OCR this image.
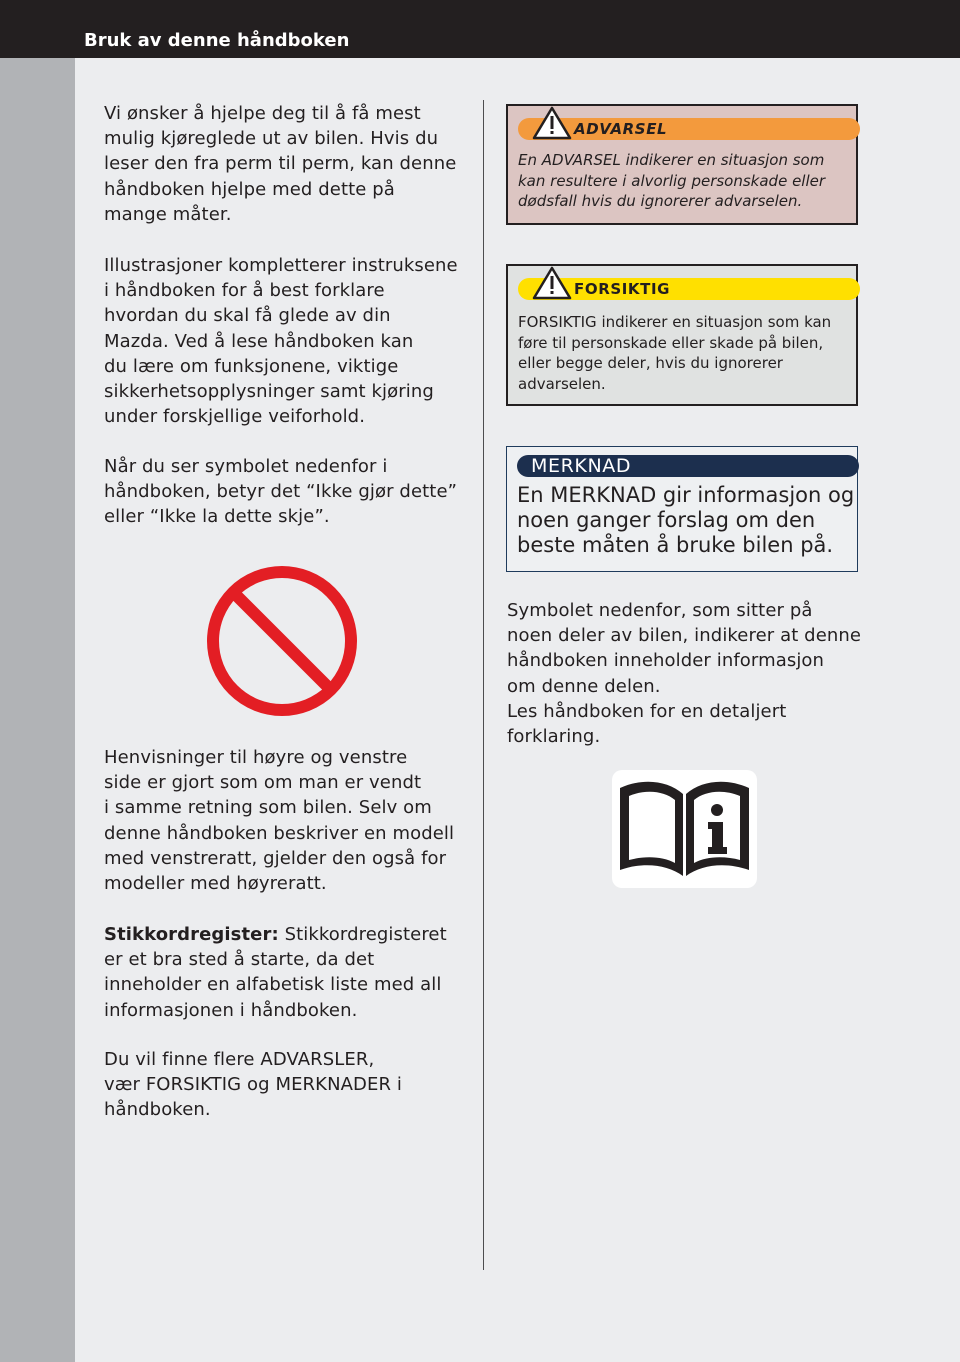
Bruk av denne håndboken

Vi ønsker å hjelpe deg til å få mest
mulig kjøreglede ut av bilen. Hvis du
leser den fra perm til perm, kan denne
håndboken hjelpe med dette på
mange måter.

Illustrasjoner kompletterer instruksene
i håndboken for å best forklare
hvordan du skal få glede av din
Mazda. Ved å lese håndboken kan
du lære om funksjonene, viktige
sikkerhetsopplysninger samt kjøring
under forskjellige veiforhold.

Når du ser symbolet nedenfor i
håndboken, betyr det “Ikke gjør dette”
eller “Ikke la dette skje”.

Henvisninger til høyre og venstre
side er gjort som om man er vendt
i samme retning som bilen. Selv om
denne håndboken beskriver en modell
med venstreratt, gjelder den også for
modeller med høyreratt.

Stikkordregister: Stikkordregisteret
er et bra sted å starte, da det
inneholder en alfabetisk liste med all
informasjonen i håndboken.

Du vil finne flere ADVARSLER,
vær FORSIKTIG og MERKNADER i
håndboken.

ADVARSEL
En ADVARSEL indikerer en situasjon som kan resultere i alvorlig personskade eller dødsfall hvis du ignorerer advarselen.
FORSIKTIG
FORSIKTIG indikerer en situasjon som kan føre til personskade eller skade på bilen, eller begge deler, hvis du ignorerer advarselen.
MERKNAD
En MERKNAD gir informasjon og noen ganger forslag om den beste måten å bruke bilen på.

Symbolet nedenfor, som sitter på
noen deler av bilen, indikerer at denne
håndboken inneholder informasjon
om denne delen.
Les håndboken for en detaljert
forklaring.
